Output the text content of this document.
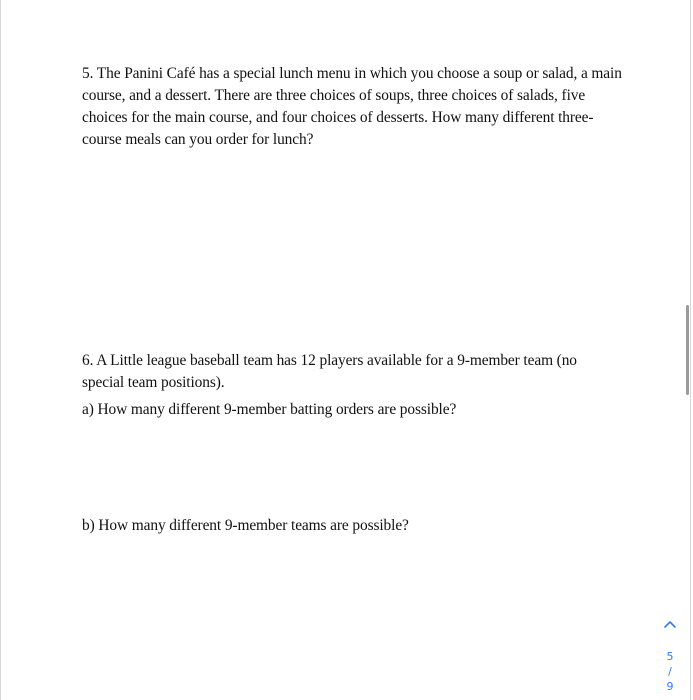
5. The Panini Café has a special lunch menu in which you choose a soup or salad, a main course, and a dessert. There are three choices of soups, three choices of salads, five choices for the main course, and four choices of desserts. How many different three-course meals can you order for lunch?
6. A Little league baseball team has 12 players available for a 9-member team (no special team positions).
a) How many different 9-member batting orders are possible?
b) How many different 9-member teams are possible?
5
/
9
